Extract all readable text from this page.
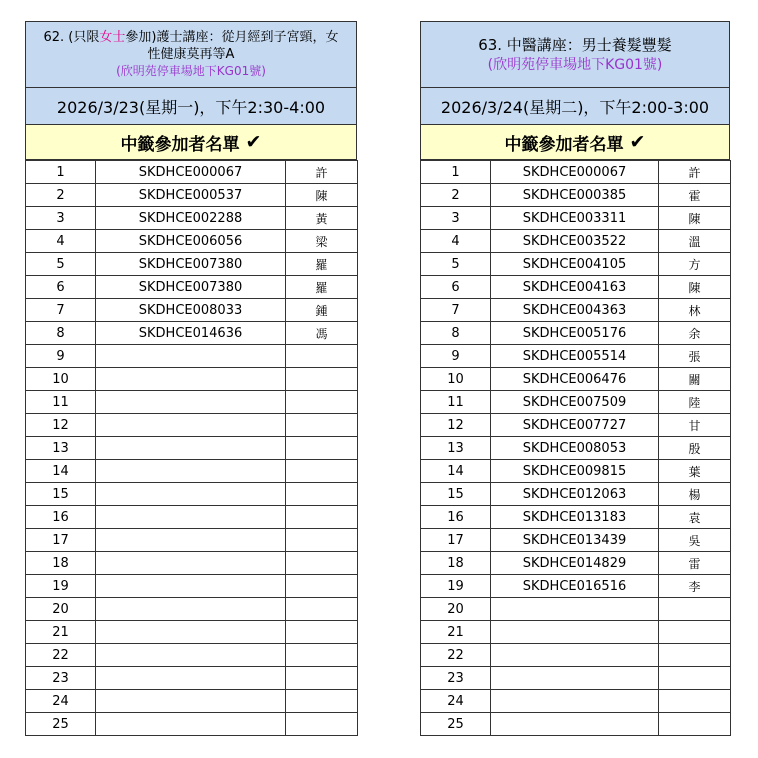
62. (只限女士參加)護士講座：從月經到子宮頸，女
性健康莫再等A
(欣明苑停車場地下KG01號)
2026/3/23(星期一)，下午2:30-4:00
中籤參加者名單 ✔
1	SKDHCE000067	許
2	SKDHCE000537	陳
3	SKDHCE002288	黃
4	SKDHCE006056	梁
5	SKDHCE007380	羅
6	SKDHCE007380	羅
7	SKDHCE008033	鍾
8	SKDHCE014636	馮
9		
10		
11		
12		
13		
14		
15		
16		
17		
18		
19		
20		
21		
22		
23		
24		
25		
63. 中醫講座：男士養髮豐髮
(欣明苑停車場地下KG01號)
2026/3/24(星期二)，下午2:00-3:00
中籤參加者名單 ✔
1	SKDHCE000067	許
2	SKDHCE000385	霍
3	SKDHCE003311	陳
4	SKDHCE003522	溫
5	SKDHCE004105	方
6	SKDHCE004163	陳
7	SKDHCE004363	林
8	SKDHCE005176	余
9	SKDHCE005514	張
10	SKDHCE006476	關
11	SKDHCE007509	陸
12	SKDHCE007727	甘
13	SKDHCE008053	殷
14	SKDHCE009815	葉
15	SKDHCE012063	楊
16	SKDHCE013183	袁
17	SKDHCE013439	吳
18	SKDHCE014829	雷
19	SKDHCE016516	李
20		
21		
22		
23		
24		
25		
